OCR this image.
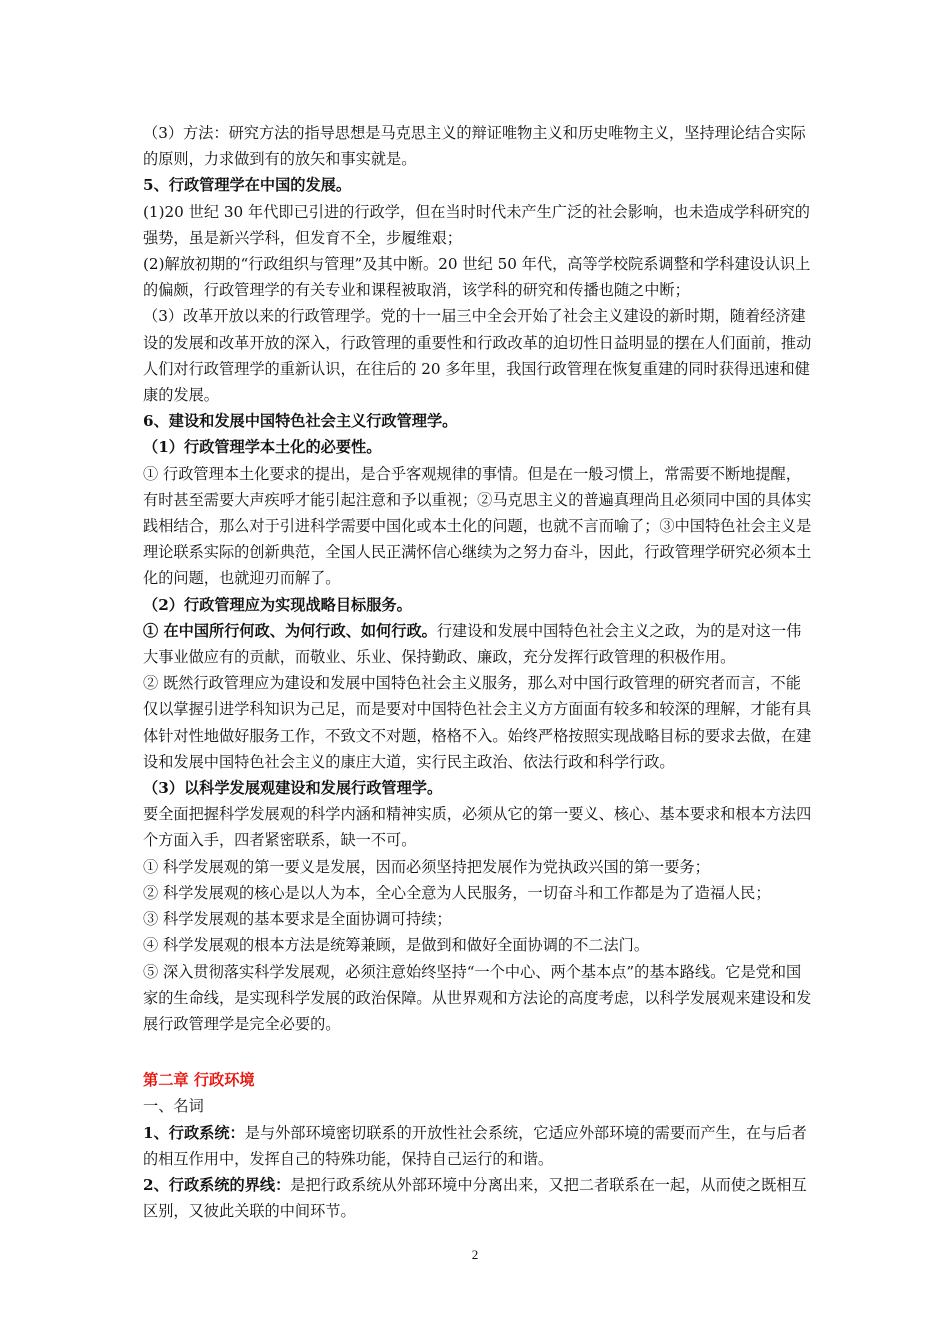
（3）方法：研究方法的指导思想是马克思主义的辩证唯物主义和历史唯物主义，坚持理论结合实际的原则，力求做到有的放矢和事实就是。

5、行政管理学在中国的发展。

(1)20 世纪 30 年代即已引进的行政学，但在当时时代未产生广泛的社会影响，也未造成学科研究的强势，虽是新兴学科，但发育不全，步履维艰；

(2)解放初期的“行政组织与管理”及其中断。20 世纪 50 年代，高等学校院系调整和学科建设认识上的偏颇，行政管理学的有关专业和课程被取消，该学科的研究和传播也随之中断；

（3）改革开放以来的行政管理学。党的十一届三中全会开始了社会主义建设的新时期，随着经济建设的发展和改革开放的深入，行政管理的重要性和行政改革的迫切性日益明显的摆在人们面前，推动人们对行政管理学的重新认识，在往后的 20 多年里，我国行政管理在恢复重建的同时获得迅速和健康的发展。

6、建设和发展中国特色社会主义行政管理学。

（1）行政管理学本土化的必要性。

① 行政管理本土化要求的提出，是合乎客观规律的事情。但是在一般习惯上，常需要不断地提醒，有时甚至需要大声疾呼才能引起注意和予以重视；②马克思主义的普遍真理尚且必须同中国的具体实践相结合，那么对于引进科学需要中国化或本土化的问题，也就不言而喻了；③中国特色社会主义是理论联系实际的创新典范，全国人民正满怀信心继续为之努力奋斗，因此，行政管理学研究必须本土化的问题，也就迎刃而解了。

（2）行政管理应为实现战略目标服务。

① 在中国所行何政、为何行政、如何行政。行建设和发展中国特色社会主义之政，为的是对这一伟大事业做应有的贡献，而敬业、乐业、保持勤政、廉政，充分发挥行政管理的积极作用。

② 既然行政管理应为建设和发展中国特色社会主义服务，那么对中国行政管理的研究者而言，不能仅以掌握引进学科知识为己足，而是要对中国特色社会主义方方面面有较多和较深的理解，才能有具体针对性地做好服务工作，不致文不对题，格格不入。始终严格按照实现战略目标的要求去做，在建设和发展中国特色社会主义的康庄大道，实行民主政治、依法行政和科学行政。

（3）以科学发展观建设和发展行政管理学。

要全面把握科学发展观的科学内涵和精神实质，必须从它的第一要义、核心、基本要求和根本方法四个方面入手，四者紧密联系，缺一不可。

① 科学发展观的第一要义是发展，因而必须坚持把发展作为党执政兴国的第一要务；

② 科学发展观的核心是以人为本，全心全意为人民服务，一切奋斗和工作都是为了造福人民；

③ 科学发展观的基本要求是全面协调可持续；

④ 科学发展观的根本方法是统筹兼顾，是做到和做好全面协调的不二法门。

⑤ 深入贯彻落实科学发展观，必须注意始终坚持“一个中心、两个基本点”的基本路线。它是党和国家的生命线，是实现科学发展的政治保障。从世界观和方法论的高度考虑，以科学发展观来建设和发展行政管理学是完全必要的。

第二章 行政环境

一、名词

1、行政系统：是与外部环境密切联系的开放性社会系统，它适应外部环境的需要而产生，在与后者的相互作用中，发挥自己的特殊功能，保持自己运行的和谐。

2、行政系统的界线：是把行政系统从外部环境中分离出来，又把二者联系在一起，从而使之既相互区别，又彼此关联的中间环节。

2
